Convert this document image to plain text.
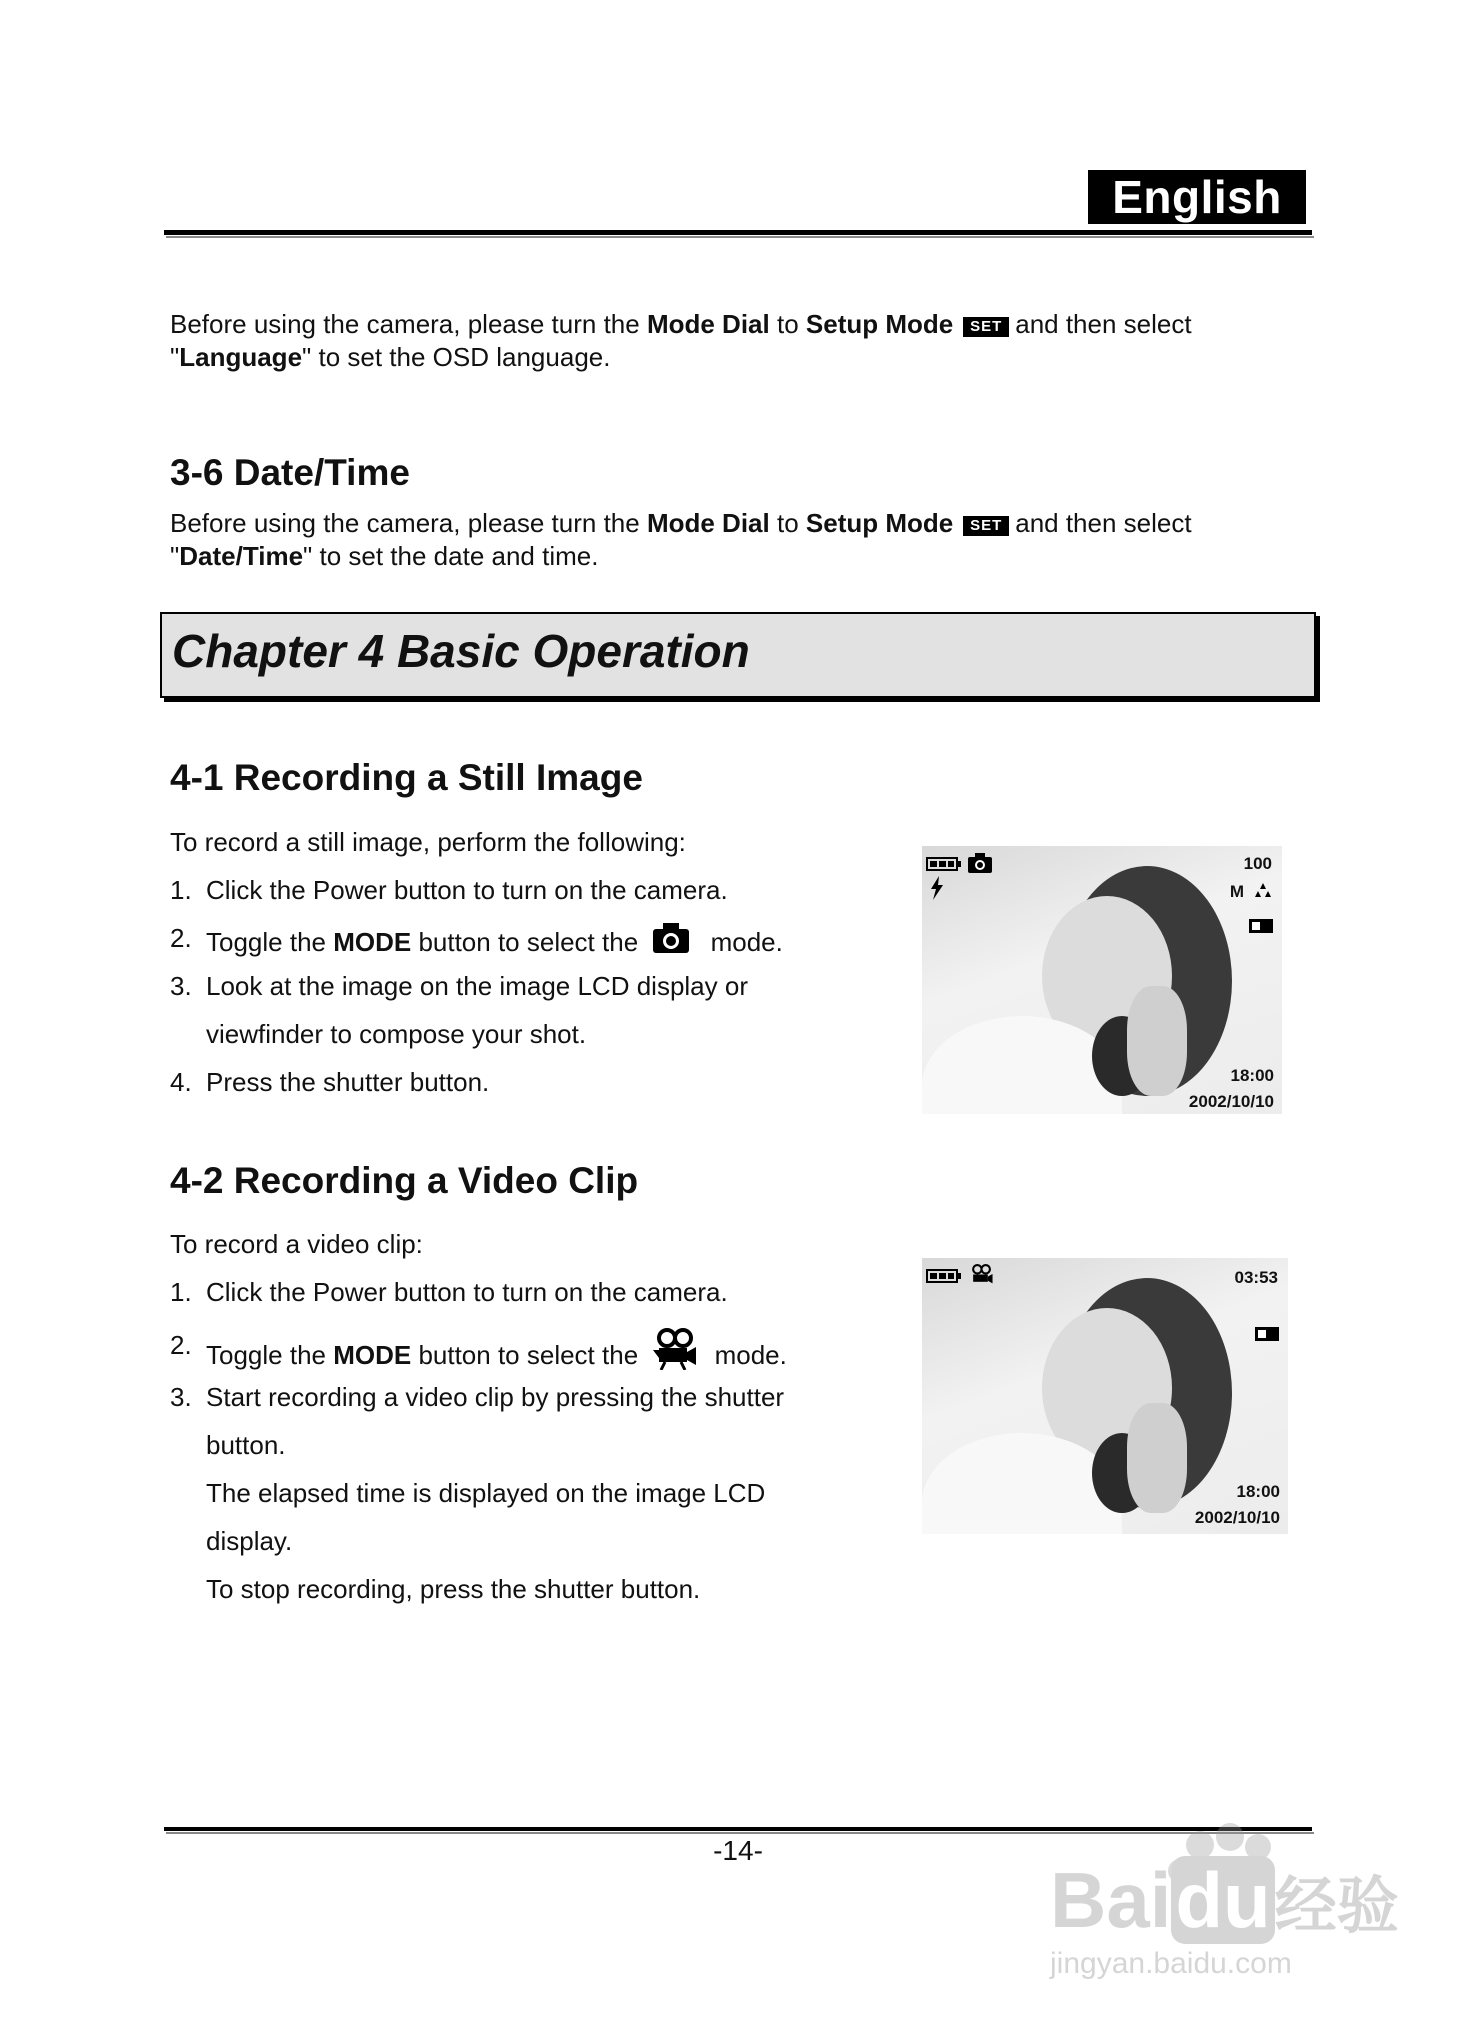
English
Before using the camera, please turn the Mode Dial to Setup Mode SET and then select
"Language" to set the OSD language.
3-6 Date/Time
Before using the camera, please turn the Mode Dial to Setup Mode SET and then select
"Date/Time" to set the date and time.
Chapter 4 Basic Operation
4-1 Recording a Still Image
To record a still image, perform the following:
1. Click the Power button to turn on the camera.
2. Toggle the MODE button to select the  mode.
3. Look at the image on the image LCD display or
viewfinder to compose your shot.
4. Press the shutter button.
100
M
18:00
2002/10/10
4-2 Recording a Video Clip
To record a video clip:
1. Click the Power button to turn on the camera.
2. Toggle the MODE button to select the  mode.
3. Start recording a video clip by pressing the shutter
button.
The elapsed time is displayed on the image LCD
display.
To stop recording, press the shutter button.
03:53
18:00
2002/10/10
-14-
Baidu经验
jingyan.baidu.com
